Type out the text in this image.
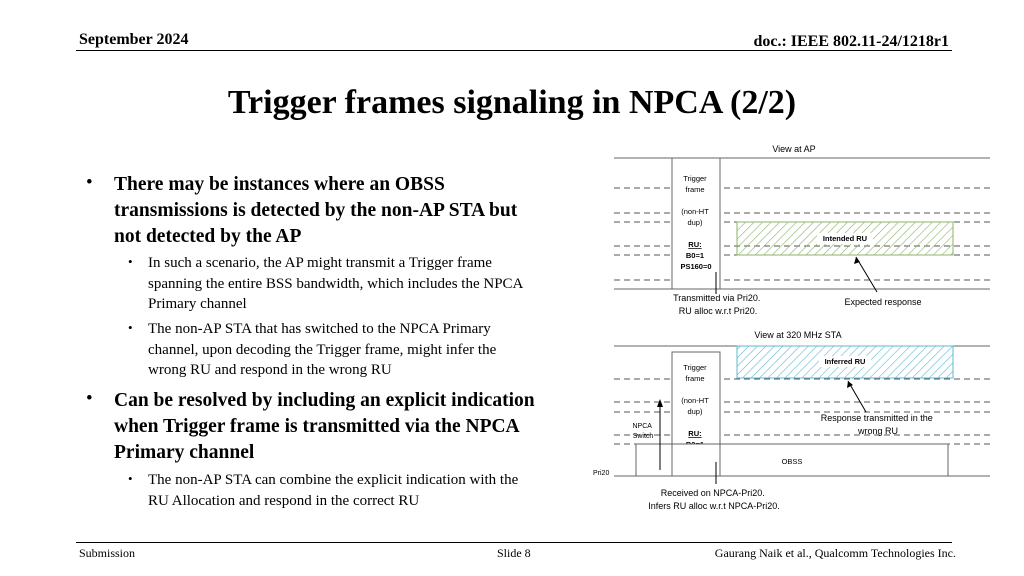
September 2024	doc.: IEEE 802.11-24/1218r1
Trigger frames signaling in NPCA (2/2)
• There may be instances where an OBSS
transmissions is detected by the non-AP STA but
not detected by the AP
• In such a scenario, the AP might transmit a Trigger frame
spanning the entire BSS bandwidth, which includes the NPCA
Primary channel
• The non-AP STA that has switched to the NPCA Primary
channel, upon decoding the Trigger frame, might infer the
wrong RU and respond in the wrong RU
• Can be resolved by including an explicit indication
when Trigger frame is transmitted via the NPCA
Primary channel
• The non-AP STA can combine the explicit indication with the
RU Allocation and respond in the correct RU
View at AP
Trigger frame (non-HT dup) RU: B0=1 PS160=0
Intended RU
Transmitted via Pri20. RU alloc w.r.t Pri20.
Expected response
View at 320 MHz STA
Inferred RU
Trigger frame (non-HT dup) RU:
OBSS
NPCA Switch
Pri20
Response transmitted in the wrong RU
Received on NPCA-Pri20. Infers RU alloc w.r.t NPCA-Pri20.
Submission	Slide 8	Gaurang Naik et al., Qualcomm Technologies Inc.
